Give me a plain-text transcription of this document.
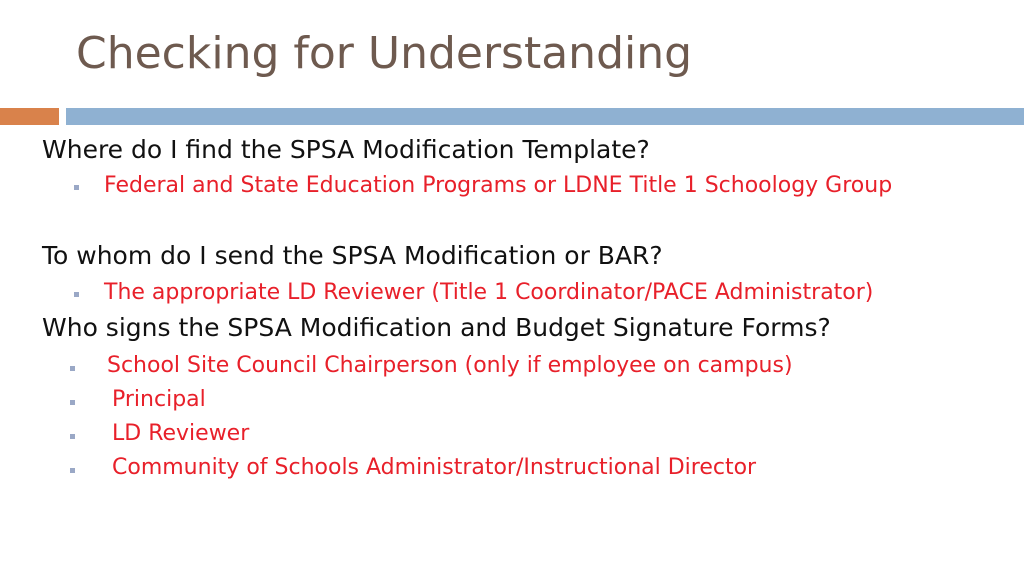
Checking for Understanding
Where do I find the SPSA Modification Template?
Federal and State Education Programs or LDNE Title 1 Schoology Group
To whom do I send the SPSA Modification or BAR?
The appropriate LD Reviewer (Title 1 Coordinator/PACE Administrator)
Who signs the SPSA Modification and Budget Signature Forms?
School Site Council Chairperson (only if employee on campus)
Principal
LD Reviewer
Community of Schools Administrator/Instructional Director
